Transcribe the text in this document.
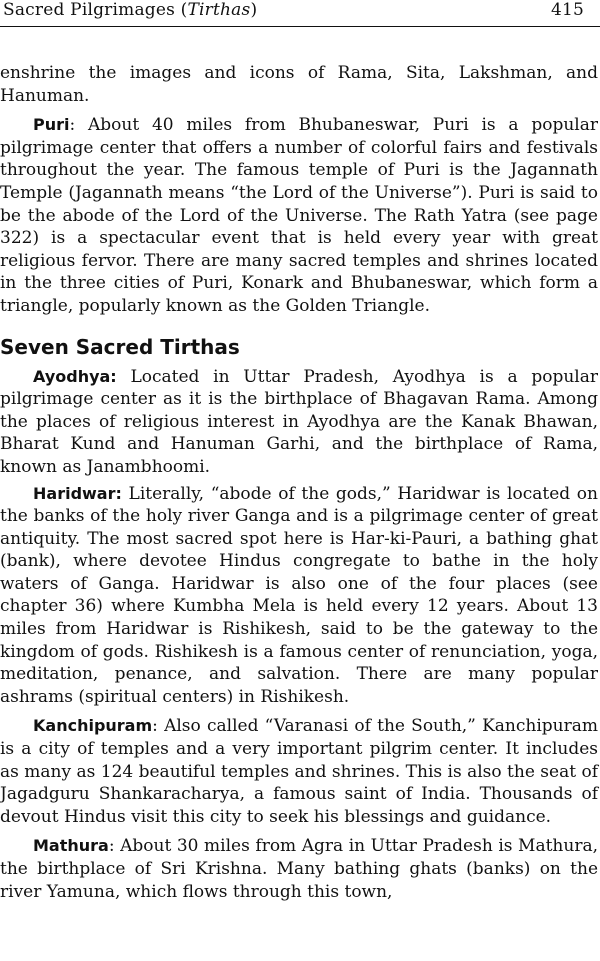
Sacred Pilgrimages (Tirthas)	415

enshrine the images and icons of Rama, Sita, Lakshman, and Hanuman.

Puri: About 40 miles from Bhubaneswar, Puri is a popular pilgrimage center that offers a number of colorful fairs and festivals throughout the year. The famous temple of Puri is the Jagannath Temple (Jagannath means “the Lord of the Universe”). Puri is said to be the abode of the Lord of the Universe. The Rath Yatra (see page 322) is a spectacular event that is held every year with great religious fervor. There are many sacred temples and shrines located in the three cities of Puri, Konark and Bhubaneswar, which form a triangle, popularly known as the Golden Triangle.

Seven Sacred Tirthas

Ayodhya: Located in Uttar Pradesh, Ayodhya is a popular pilgrimage center as it is the birthplace of Bhagavan Rama. Among the places of religious interest in Ayodhya are the Kanak Bhawan, Bharat Kund and Hanuman Garhi, and the birthplace of Rama, known as Janambhoomi.

Haridwar: Literally, “abode of the gods,” Haridwar is located on the banks of the holy river Ganga and is a pilgrimage center of great antiquity. The most sacred spot here is Har-ki-Pauri, a bathing ghat (bank), where devotee Hindus congregate to bathe in the holy waters of Ganga. Haridwar is also one of the four places (see chapter 36) where Kumbha Mela is held every 12 years. About 13 miles from Haridwar is Rishikesh, said to be the gateway to the kingdom of gods. Rishikesh is a famous center of renunciation, yoga, meditation, penance, and salvation. There are many popular ashrams (spiritual centers) in Rishikesh.

Kanchipuram: Also called “Varanasi of the South,” Kanchipuram is a city of temples and a very important pilgrim center. It includes as many as 124 beautiful temples and shrines. This is also the seat of Jagadguru Shankaracharya, a famous saint of India. Thousands of devout Hindus visit this city to seek his blessings and guidance.

Mathura: About 30 miles from Agra in Uttar Pradesh is Mathura, the birthplace of Sri Krishna. Many bathing ghats (banks) on the river Yamuna, which flows through this town,
